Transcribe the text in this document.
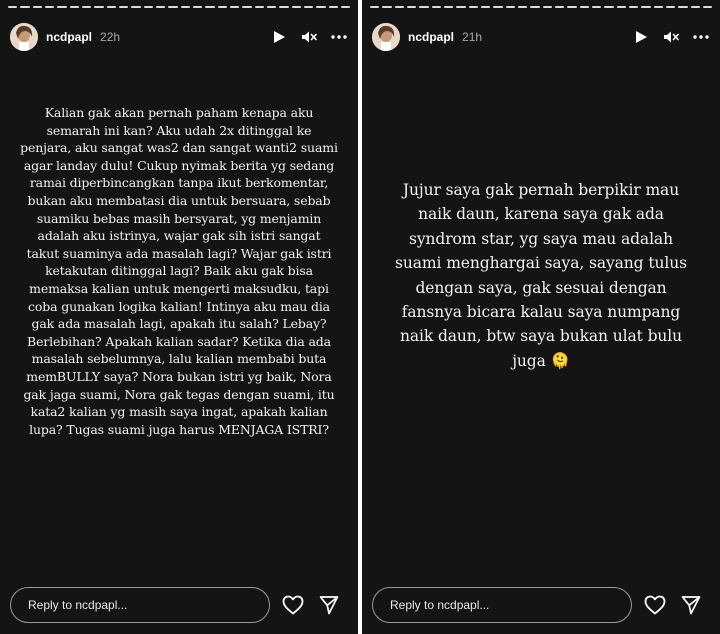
ncdpapl 22h
Kalian gak akan pernah paham kenapa aku
semarah ini kan? Aku udah 2x ditinggal ke
penjara, aku sangat was2 dan sangat wanti2 suami
agar landay dulu! Cukup nyimak berita yg sedang
ramai diperbincangkan tanpa ikut berkomentar,
bukan aku membatasi dia untuk bersuara, sebab
suamiku bebas masih bersyarat, yg menjamin
adalah aku istrinya, wajar gak sih istri sangat
takut suaminya ada masalah lagi? Wajar gak istri
ketakutan ditinggal lagi? Baik aku gak bisa
memaksa kalian untuk mengerti maksudku, tapi
coba gunakan logika kalian! Intinya aku mau dia
gak ada masalah lagi, apakah itu salah? Lebay?
Berlebihan? Apakah kalian sadar? Ketika dia ada
masalah sebelumnya, lalu kalian membabi buta
memBULLY saya? Nora bukan istri yg baik, Nora
gak jaga suami, Nora gak tegas dengan suami, itu
kata2 kalian yg masih saya ingat, apakah kalian
lupa? Tugas suami juga harus MENJAGA ISTRI?
Reply to ncdpapl...
ncdpapl 21h
Jujur saya gak pernah berpikir mau
naik daun, karena saya gak ada
syndrom star, yg saya mau adalah
suami menghargai saya, sayang tulus
dengan saya, gak sesuai dengan
fansnya bicara kalau saya numpang
naik daun, btw saya bukan ulat bulu
juga 🫠
Reply to ncdpapl...
